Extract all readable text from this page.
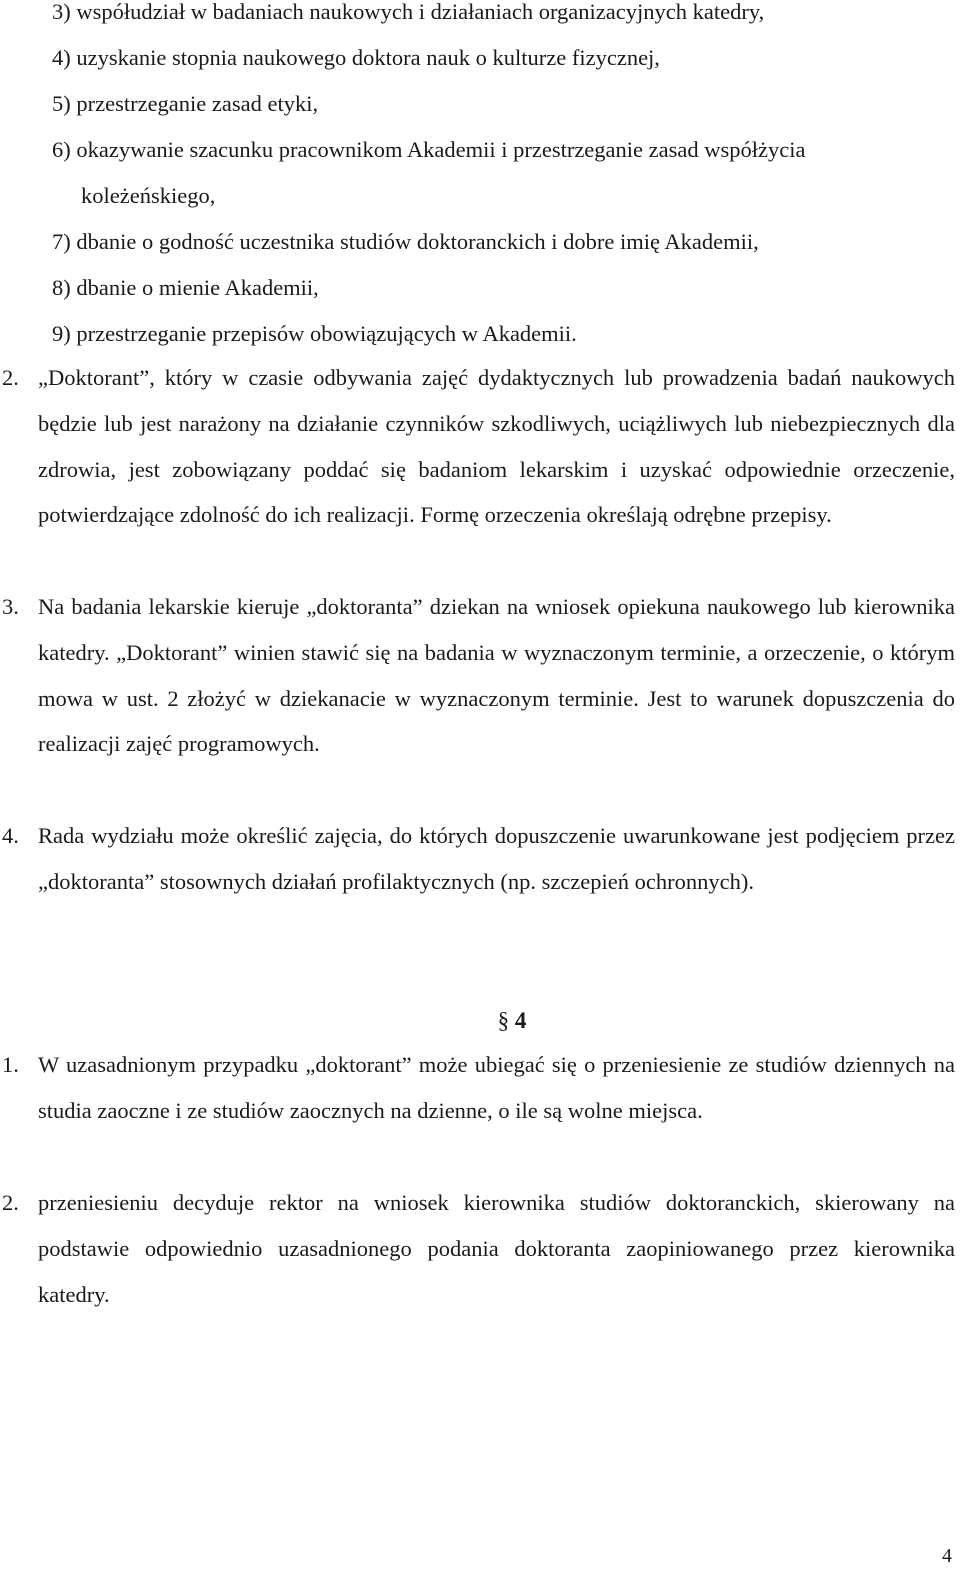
3) współudział w badaniach naukowych i działaniach organizacyjnych katedry,
4) uzyskanie stopnia naukowego doktora nauk o kulturze fizycznej,
5) przestrzeganie zasad etyki,
6) okazywanie szacunku pracownikom Akademii i przestrzeganie zasad współżycia
koleżeńskiego,
7) dbanie o godność uczestnika studiów doktoranckich i dobre imię Akademii,
8) dbanie o mienie Akademii,
9) przestrzeganie przepisów obowiązujących w Akademii.
2. „Doktorant”, który w czasie odbywania zajęć dydaktycznych lub prowadzenia badań naukowych będzie lub jest narażony na działanie czynników szkodliwych, uciążliwych lub niebezpiecznych dla zdrowia, jest zobowiązany poddać się badaniom lekarskim i uzyskać odpowiednie orzeczenie, potwierdzające zdolność do ich realizacji. Formę orzeczenia określają odrębne przepisy.
3. Na badania lekarskie kieruje „doktoranta” dziekan na wniosek opiekuna naukowego lub kierownika katedry. „Doktorant” winien stawić się na badania w wyznaczonym terminie, a orzeczenie, o którym mowa w ust. 2 złożyć w dziekanacie w wyznaczonym terminie. Jest to warunek dopuszczenia do realizacji zajęć programowych.
4. Rada wydziału może określić zajęcia, do których dopuszczenie uwarunkowane jest podjęciem przez „doktoranta” stosownych działań profilaktycznych (np. szczepień ochronnych).
§ 4
1. W uzasadnionym przypadku „doktorant” może ubiegać się o przeniesienie ze studiów dziennych na studia zaoczne i ze studiów zaocznych na dzienne, o ile są wolne miejsca.
2. przeniesieniu decyduje rektor na wniosek kierownika studiów doktoranckich, skierowany na podstawie odpowiednio uzasadnionego podania doktoranta zaopiniowanego przez kierownika katedry.
4
